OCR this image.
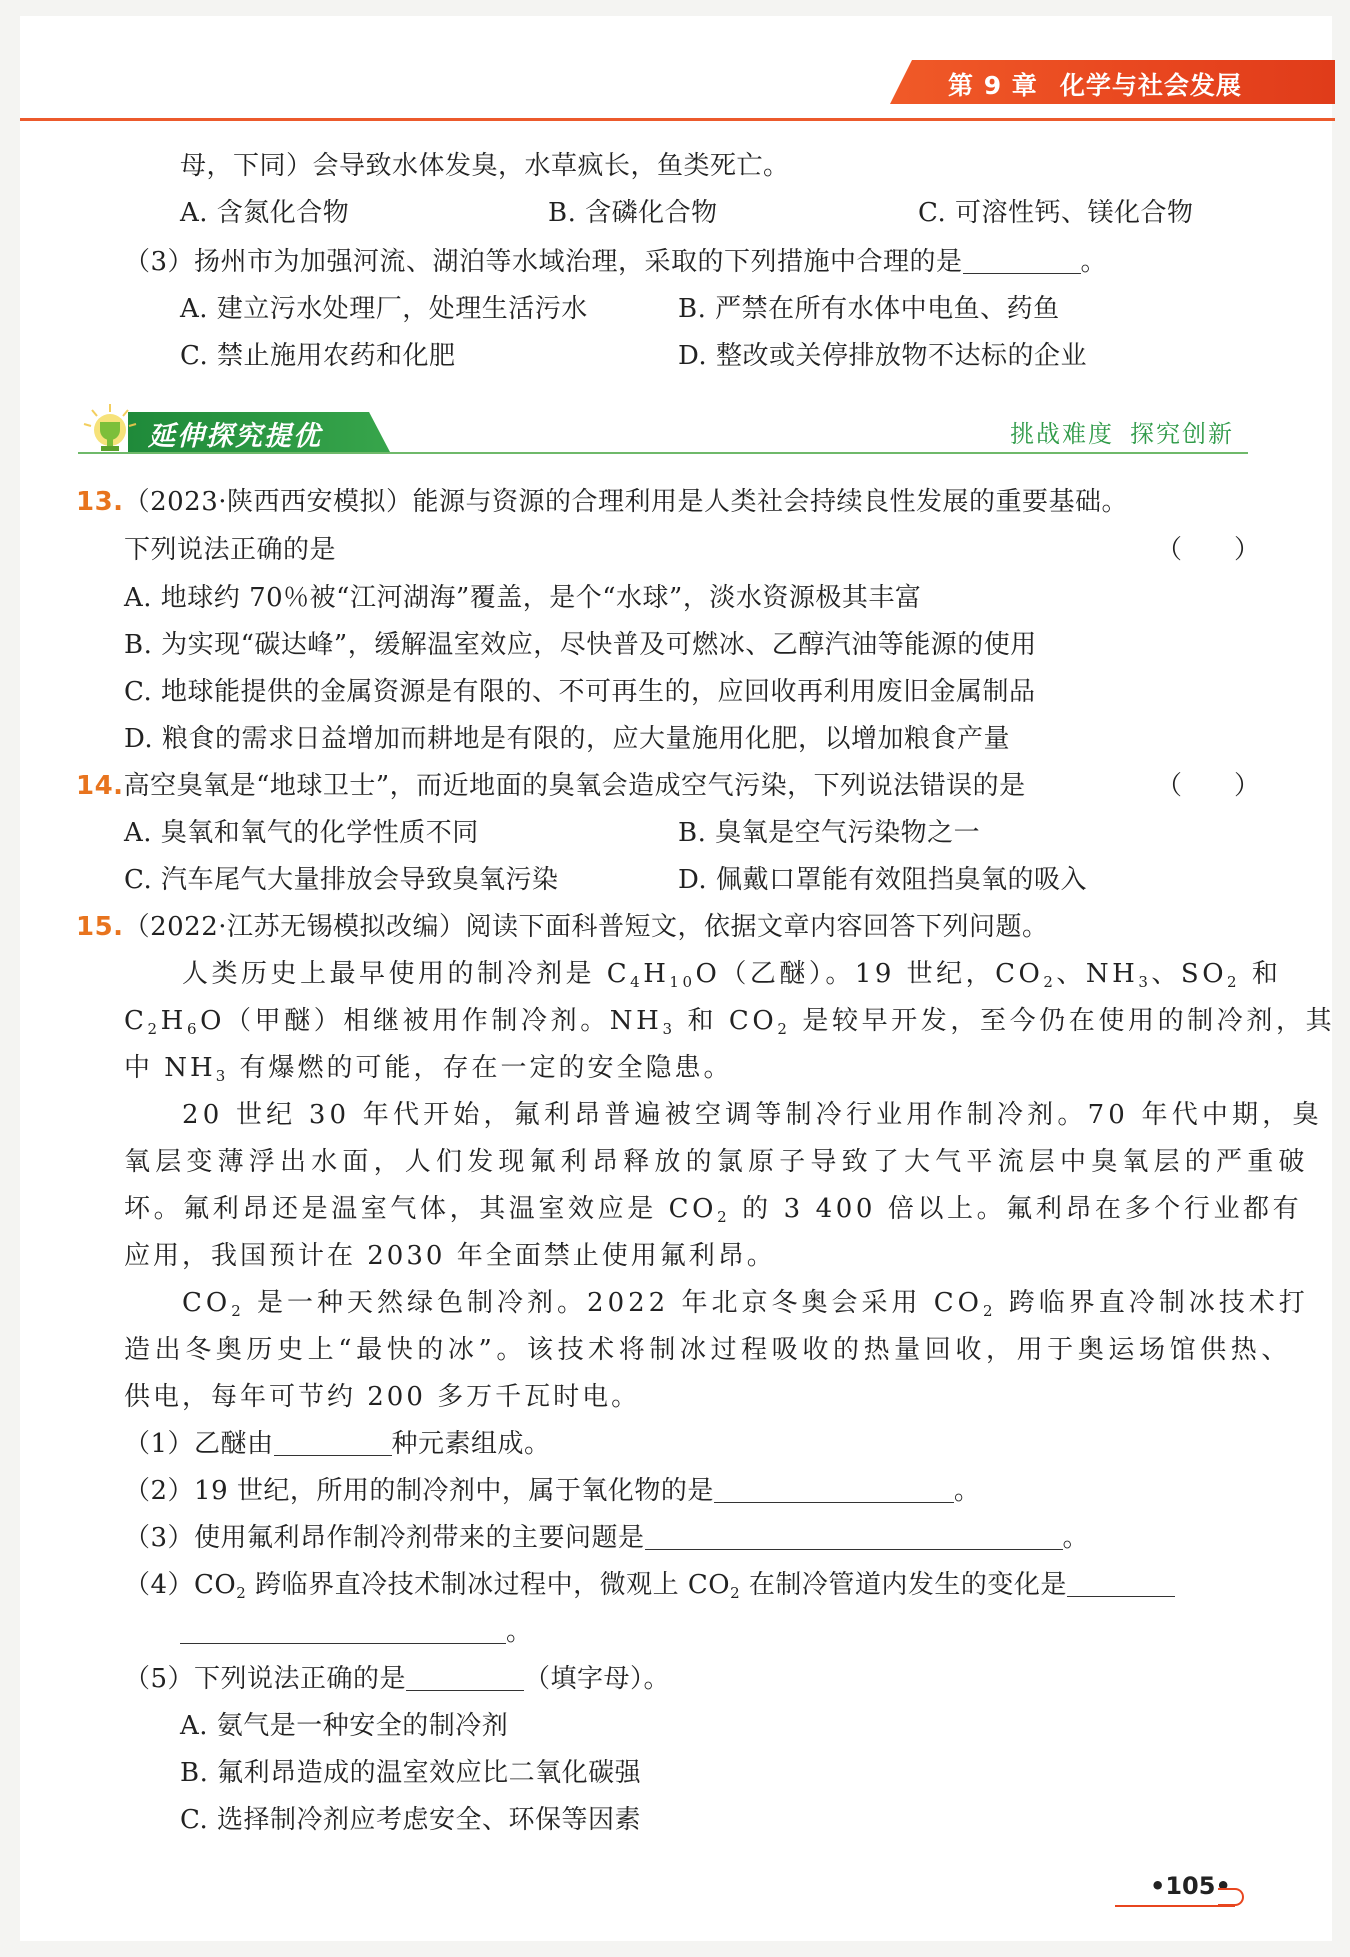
第 9 章 化学与社会发展
母，下同）会导致水体发臭，水草疯长，鱼类死亡。
A. 含氮化合物	B. 含磷化合物	C. 可溶性钙、镁化合物
（3）扬州市为加强河流、湖泊等水域治理，采取的下列措施中合理的是	。
A. 建立污水处理厂，处理生活污水	B. 严禁在所有水体中电鱼、药鱼
C. 禁止施用农药和化肥	D. 整改或关停排放物不达标的企业
延伸探究提优	挑战难度 探究创新
13.（2023·陕西西安模拟）能源与资源的合理利用是人类社会持续良性发展的重要基础。
下列说法正确的是	（　　）
A. 地球约 70％被“江河湖海”覆盖，是个“水球”，淡水资源极其丰富
B. 为实现“碳达峰”，缓解温室效应，尽快普及可燃冰、乙醇汽油等能源的使用
C. 地球能提供的金属资源是有限的、不可再生的，应回收再利用废旧金属制品
D. 粮食的需求日益增加而耕地是有限的，应大量施用化肥，以增加粮食产量
14.高空臭氧是“地球卫士”，而近地面的臭氧会造成空气污染，下列说法错误的是	（　　）
A. 臭氧和氧气的化学性质不同	B. 臭氧是空气污染物之一
C. 汽车尾气大量排放会导致臭氧污染	D. 佩戴口罩能有效阻挡臭氧的吸入
15.（2022·江苏无锡模拟改编）阅读下面科普短文，依据文章内容回答下列问题。
人类历史上最早使用的制冷剂是 $C_4H_{10}O$（乙醚）。19 世纪，$CO_2$、$NH_3$、$SO_2$ 和
$C_2H_6O$（甲醚）相继被用作制冷剂。$NH_3$ 和 $CO_2$ 是较早开发，至今仍在使用的制冷剂，其
中 $NH_3$ 有爆燃的可能，存在一定的安全隐患。
20 世纪 30 年代开始，氟利昂普遍被空调等制冷行业用作制冷剂。70 年代中期，臭
氧层变薄浮出水面，人们发现氟利昂释放的氯原子导致了大气平流层中臭氧层的严重破
坏。氟利昂还是温室气体，其温室效应是 $CO_2$ 的 3 400 倍以上。氟利昂在多个行业都有
应用，我国预计在 2030 年全面禁止使用氟利昂。
$CO_2$ 是一种天然绿色制冷剂。2022 年北京冬奥会采用 $CO_2$ 跨临界直冷制冰技术打
造出冬奥历史上“最快的冰”。该技术将制冰过程吸收的热量回收，用于奥运场馆供热、
供电，每年可节约 200 多万千瓦时电。
（1）乙醚由	种元素组成。
（2）19 世纪，所用的制冷剂中，属于氧化物的是	。
（3）使用氟利昂作制冷剂带来的主要问题是	。
$(4)CO_2$ 跨临界直冷技术制冰过程中，微观上 $CO_2$ 在制冷管道内发生的变化是
。
（5）下列说法正确的是	（填字母）。
A. 氨气是一种安全的制冷剂
B. 氟利昂造成的温室效应比二氧化碳强
C. 选择制冷剂应考虑安全、环保等因素
•105•
